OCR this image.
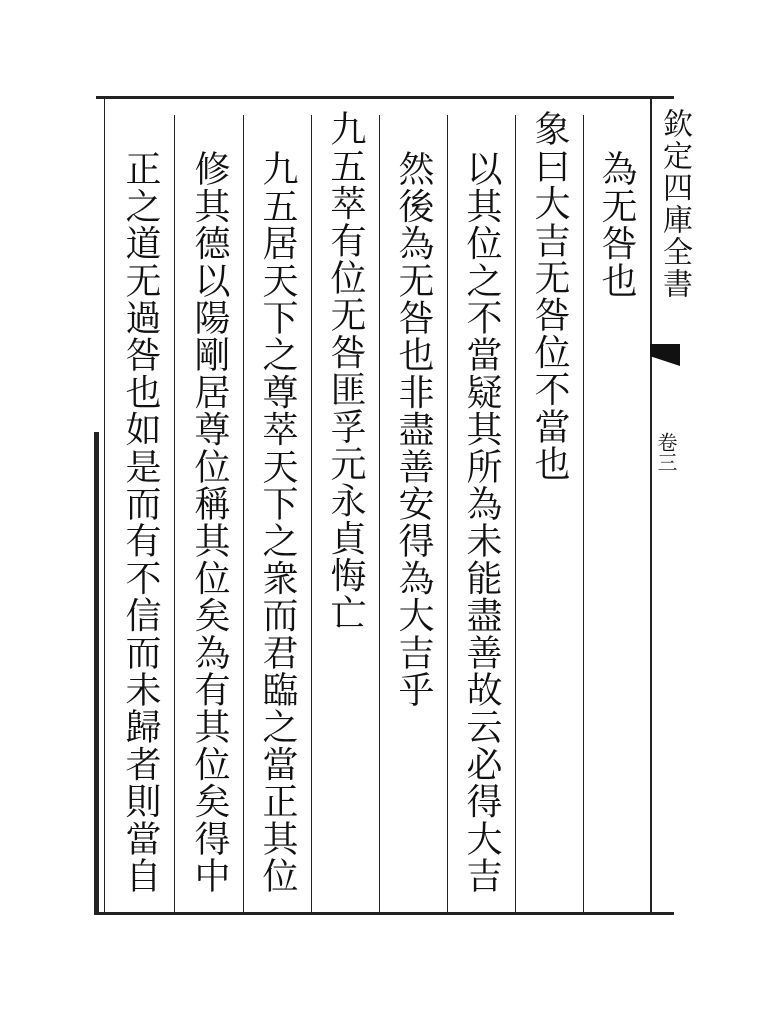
欽定四庫全書
卷三
為无咎也
象曰大吉无咎位不當也
以其位之不當疑其所為未能盡善故云必得大吉
然後為无咎也非盡善安得為大吉乎
九五萃有位无咎匪孚元永貞悔亡
九五居天下之尊萃天下之衆而君臨之當正其位
修其德以陽剛居尊位稱其位矣為有其位矣得中
正之道无過咎也如是而有不信而未歸者則當自
